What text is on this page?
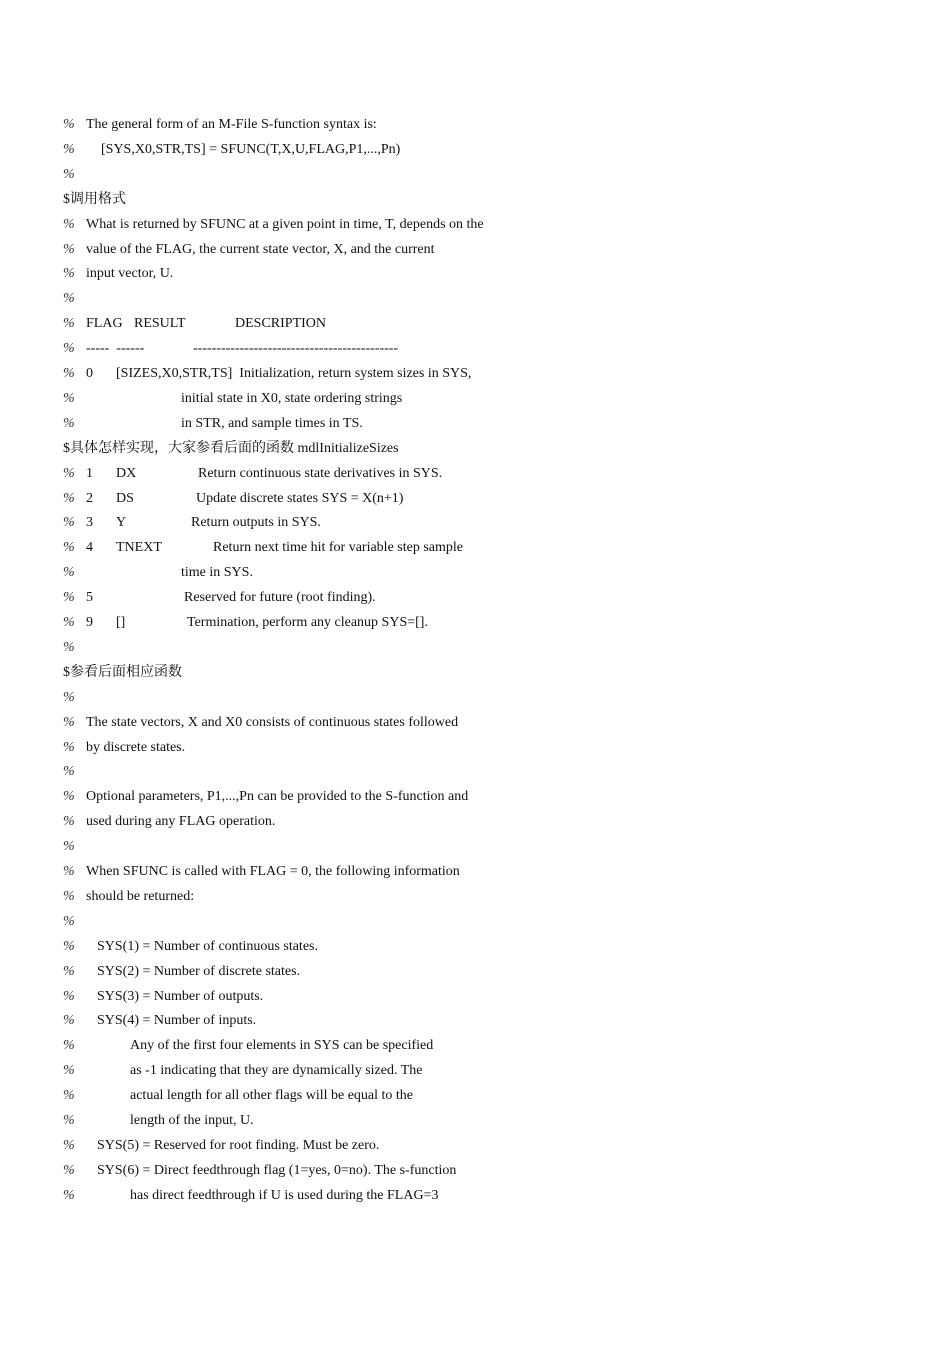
% The general form of an M-File S-function syntax is:
% [SYS,X0,STR,TS] = SFUNC(T,X,U,FLAG,P1,...,Pn)
%
$调用格式
% What is returned by SFUNC at a given point in time, T, depends on the
% value of the FLAG, the current state vector, X, and the current
% input vector, U.
%
% FLAG RESULT	DESCRIPTION
% -----  ------	--------------------------------------------
% 0 [SIZES,X0,STR,TS]  Initialization, return system sizes in SYS,
%	initial state in X0, state ordering strings
%	in STR, and sample times in TS.
$具体怎样实现，大家参看后面的函数 mdlInitializeSizes
% 1 DX	Return continuous state derivatives in SYS.
% 2 DS	Update discrete states SYS = X(n+1)
% 3 Y	Return outputs in SYS.
% 4 TNEXT	Return next time hit for variable step sample
%	time in SYS.
% 5	Reserved for future (root finding).
% 9 []	Termination, perform any cleanup SYS=[].
%
$参看后面相应函数
%
% The state vectors, X and X0 consists of continuous states followed
% by discrete states.
%
% Optional parameters, P1,...,Pn can be provided to the S-function and
% used during any FLAG operation.
%
% When SFUNC is called with FLAG = 0, the following information
% should be returned:
%
% SYS(1) = Number of continuous states.
% SYS(2) = Number of discrete states.
% SYS(3) = Number of outputs.
% SYS(4) = Number of inputs.
%	Any of the first four elements in SYS can be specified
%	as -1 indicating that they are dynamically sized. The
%	actual length for all other flags will be equal to the
%	length of the input, U.
% SYS(5) = Reserved for root finding. Must be zero.
% SYS(6) = Direct feedthrough flag (1=yes, 0=no). The s-function
%	has direct feedthrough if U is used during the FLAG=3
